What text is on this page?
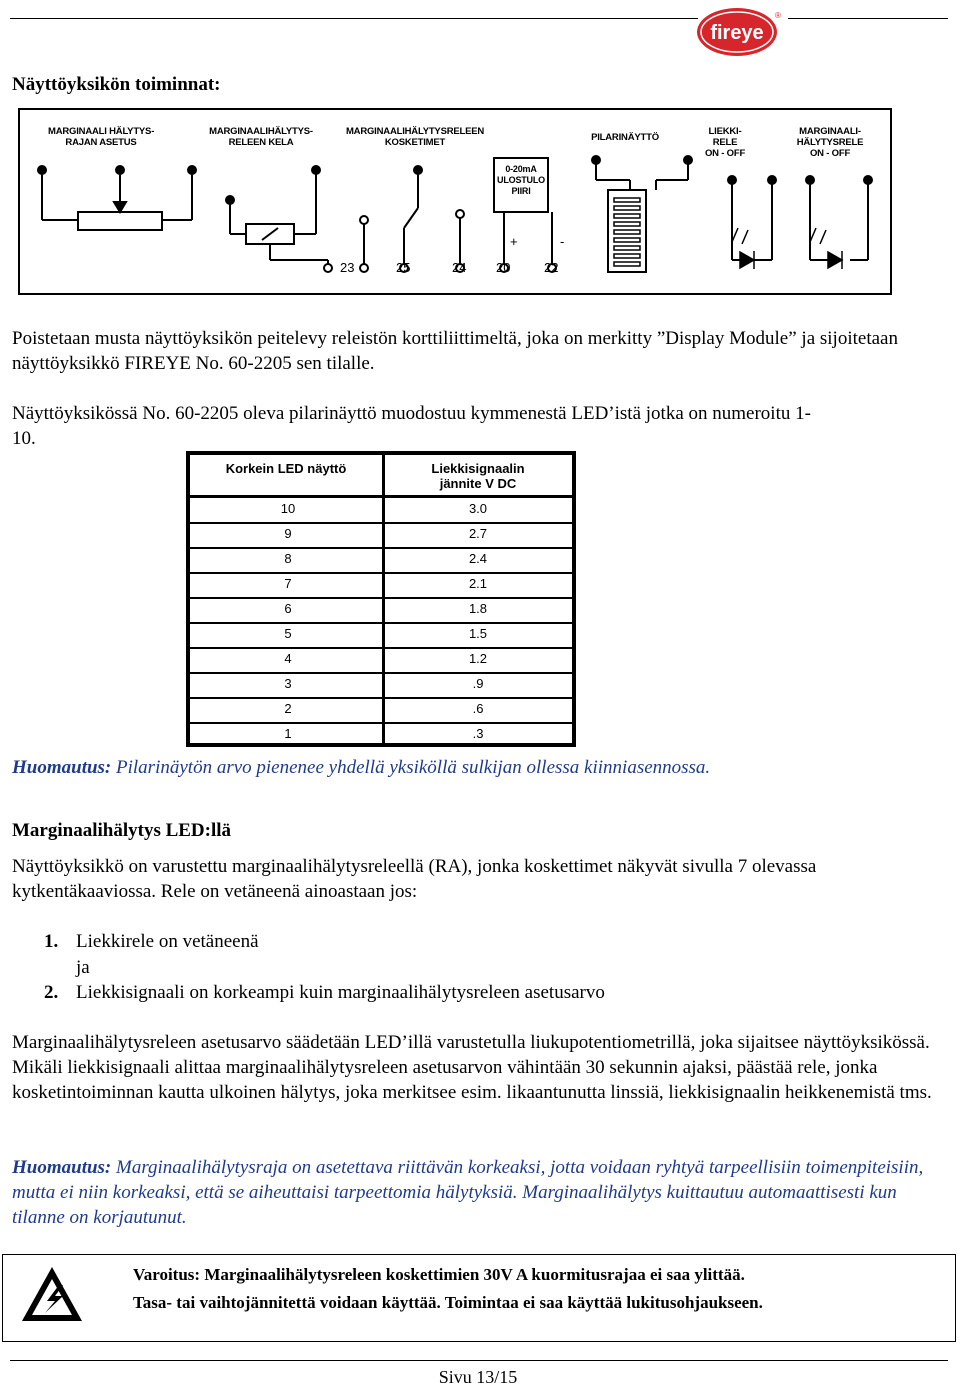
fireye
®
Näyttöyksikön toiminnat:
MARGINAALI HÄLYTYS-
RAJAN ASETUS
MARGINAALIHÄLYTYS-
RELEEN KELA
MARGINAALIHÄLYTYSRELEEN
KOSKETIMET	PILARINÄYTTÖ
LIEKKI-
RELE
ON - OFF
MARGINAALI-
HÄLYTYSRELE
ON - OFF
0-20mA
ULOSTULO
PIIRI
+	-
23	25	24 20	22
Poistetaan musta näyttöyksikön peitelevy releistön korttiliittimeltä, joka on merkitty ”Display Module” ja sijoitetaan näyttöyksikkö FIREYE No. 60-2205 sen tilalle.
Näyttöyksikössä No. 60-2205 oleva pilarinäyttö muodostuu kymmenestä LED’istä jotka on numeroitu 1-10.
Korkein LED näyttö	Liekkisignaalin
jännite V DC
10	3.0
9	2.7
8	2.4
7	2.1
6	1.8
5	1.5
4	1.2
3	.9
2	.6
1	.3
Huomautus: Pilarinäytön arvo pienenee yhdellä yksiköllä sulkijan ollessa kiinniasennossa.
Marginaalihälytys LED:llä
Näyttöyksikkö on varustettu marginaalihälytysreleellä (RA), jonka koskettimet näkyvät sivulla 7 olevassa kytkentäkaaviossa. Rele on vetäneenä ainoastaan jos:
1. Liekkirele on vetäneenä
ja
2. Liekkisignaali on korkeampi kuin marginaalihälytysreleen asetusarvo
Marginaalihälytysreleen asetusarvo säädetään LED’illä varustetulla liukupotentiometrillä, joka sijaitsee näyttöyksikössä. Mikäli liekkisignaali alittaa marginaalihälytysreleen asetusarvon vähintään 30 sekunnin ajaksi, päästää rele, jonka kosketintoiminnan kautta ulkoinen hälytys, joka merkitsee esim. likaantunutta linssiä, liekkisignaalin heikkenemistä tms.
Huomautus: Marginaalihälytysraja on asetettava riittävän korkeaksi, jotta voidaan ryhtyä tarpeellisiin toimenpiteisiin, mutta ei niin korkeaksi, että se aiheuttaisi tarpeettomia hälytyksiä. Marginaalihälytys kuittautuu automaattisesti kun tilanne on korjautunut.
Varoitus: Marginaalihälytysreleen koskettimien 30V A kuormitusrajaa ei saa ylittää.
Tasa- tai vaihtojännitettä voidaan käyttää. Toimintaa ei saa käyttää lukitusohjaukseen.
Sivu 13/15
